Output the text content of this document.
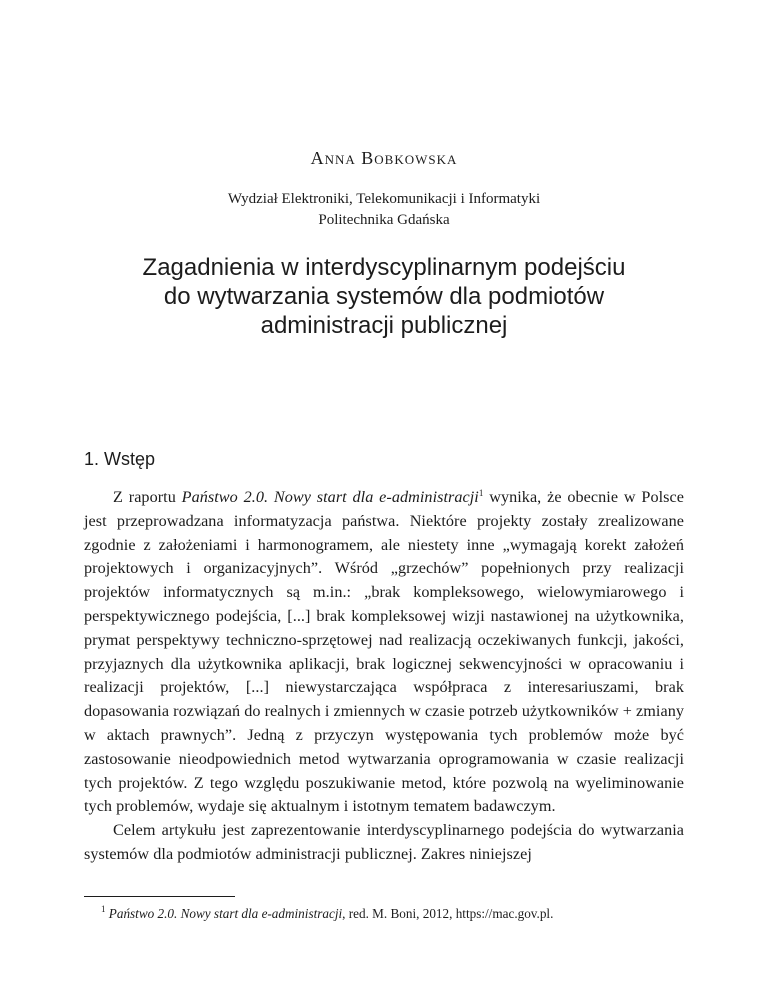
Anna Bobkowska
Wydział Elektroniki, Telekomunikacji i Informatyki
Politechnika Gdańska
Zagadnienia w interdyscyplinarnym podejściu
do wytwarzania systemów dla podmiotów
administracji publicznej
1. Wstęp

Z raportu Państwo 2.0. Nowy start dla e-administracji$^1$ wynika, że obecnie w Polsce jest przeprowadzana informatyzacja państwa. Niektóre projekty zostały zrealizowane zgodnie z założeniami i harmonogramem, ale niestety inne „wymagają korekt założeń projektowych i organizacyjnych”. Wśród „grzechów” popełnionych przy realizacji projektów informatycznych są m.in.: „brak kompleksowego, wielowymiarowego i perspektywicznego podejścia, [...] brak kompleksowej wizji nastawionej na użytkownika, prymat perspektywy techniczno-sprzętowej nad realizacją oczekiwanych funkcji, jakości, przyjaznych dla użytkownika aplikacji, brak logicznej sekwencyjności w opracowaniu i realizacji projektów, [...] niewystarczająca współpraca z interesariuszami, brak dopasowania rozwiązań do realnych i zmiennych w czasie potrzeb użytkowników + zmiany w aktach prawnych”. Jedną z przyczyn występowania tych problemów może być zastosowanie nieodpowiednich metod wytwarzania oprogramowania w czasie realizacji tych projektów. Z tego względu poszukiwanie metod, które pozwolą na wyeliminowanie tych problemów, wydaje się aktualnym i istotnym tematem badawczym.

Celem artykułu jest zaprezentowanie interdyscyplinarnego podejścia do wytwarzania systemów dla podmiotów administracji publicznej. Zakres niniejszej

$^1$ Państwo 2.0. Nowy start dla e-administracji, red. M. Boni, 2012, https://mac.gov.pl.
